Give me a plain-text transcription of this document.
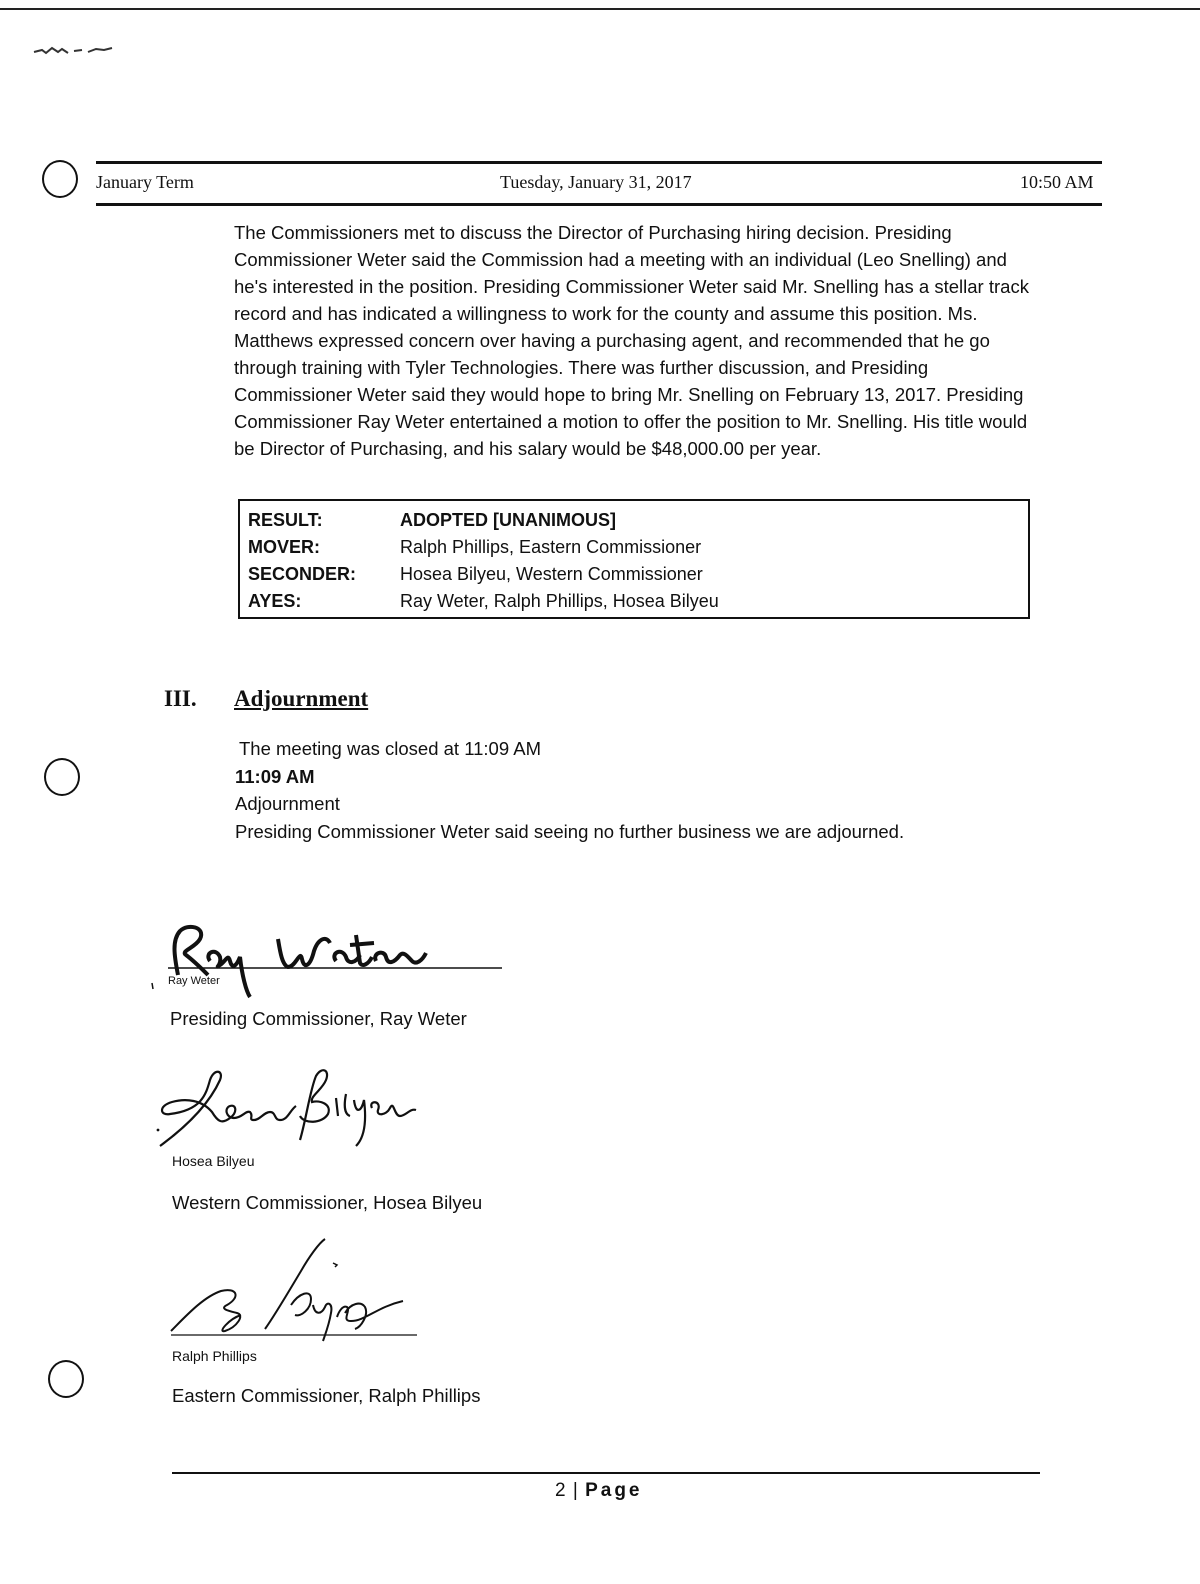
January Term	Tuesday, January 31, 2017	10:50 AM

The Commissioners met to discuss the Director of Purchasing hiring decision. Presiding Commissioner Weter said the Commission had a meeting with an individual (Leo Snelling) and he's interested in the position. Presiding Commissioner Weter said Mr. Snelling has a stellar track record and has indicated a willingness to work for the county and assume this position. Ms. Matthews expressed concern over having a purchasing agent, and recommended that he go through training with Tyler Technologies. There was further discussion, and Presiding Commissioner Weter said they would hope to bring Mr. Snelling on February 13, 2017. Presiding Commissioner Ray Weter entertained a motion to offer the position to Mr. Snelling. His title would be Director of Purchasing, and his salary would be $48,000.00 per year.

RESULT:	ADOPTED [UNANIMOUS]
MOVER:	Ralph Phillips, Eastern Commissioner
SECONDER:	Hosea Bilyeu, Western Commissioner
AYES:	Ray Weter, Ralph Phillips, Hosea Bilyeu
III. Adjournment
The meeting was closed at 11:09 AM
11:09 AM
Adjournment
Presiding Commissioner Weter said seeing no further business we are adjourned.
Ray Weter
Presiding Commissioner, Ray Weter
Hosea Bilyeu
Western Commissioner, Hosea Bilyeu
Ralph Phillips
Eastern Commissioner, Ralph Phillips
2 | Page
